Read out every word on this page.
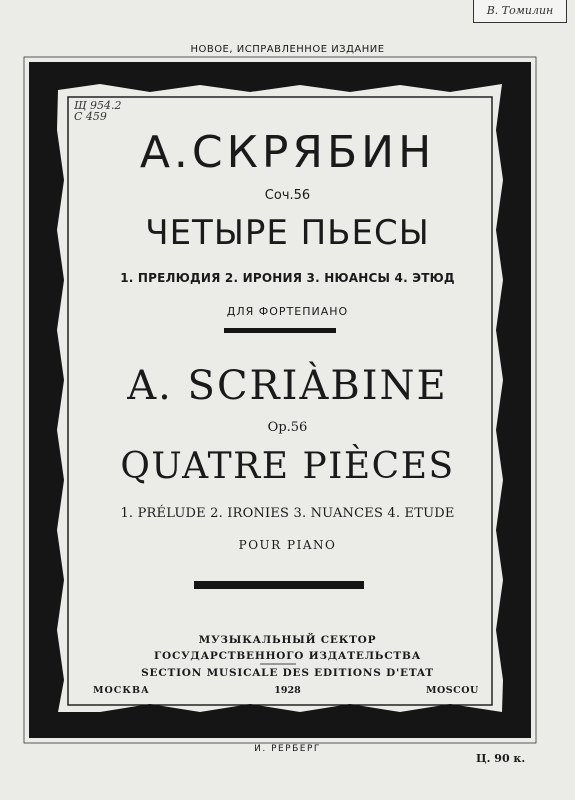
В. Томилин
НОВОЕ, ИСПРАВЛЕННОЕ ИЗДАНИЕ
Щ 954.2
С 459
А.СКРЯБИН
Соч.56
ЧЕТЫРЕ ПЬЕСЫ
1. ПРЕЛЮДИЯ 2. ИРОНИЯ 3. НЮАНСЫ 4. ЭТЮД
ДЛЯ ФОРТЕПИАНО
A. SCRIÀBINE
Op.56
QUATRE PIÈCES
1. PRÉLUDE 2. IRONIES 3. NUANCES 4. ETUDE
POUR PIANO
МУЗЫКАЛЬНЫЙ СЕКТОР
ГОСУДАРСТВЕННОГО ИЗДАТЕЛЬСТВА
SECTION MUSICALE DES EDITIONS D'ETAT
МОСКВА	1928	MOSCOU
И. РЕРБЕРГ
Ц. 90 к.
